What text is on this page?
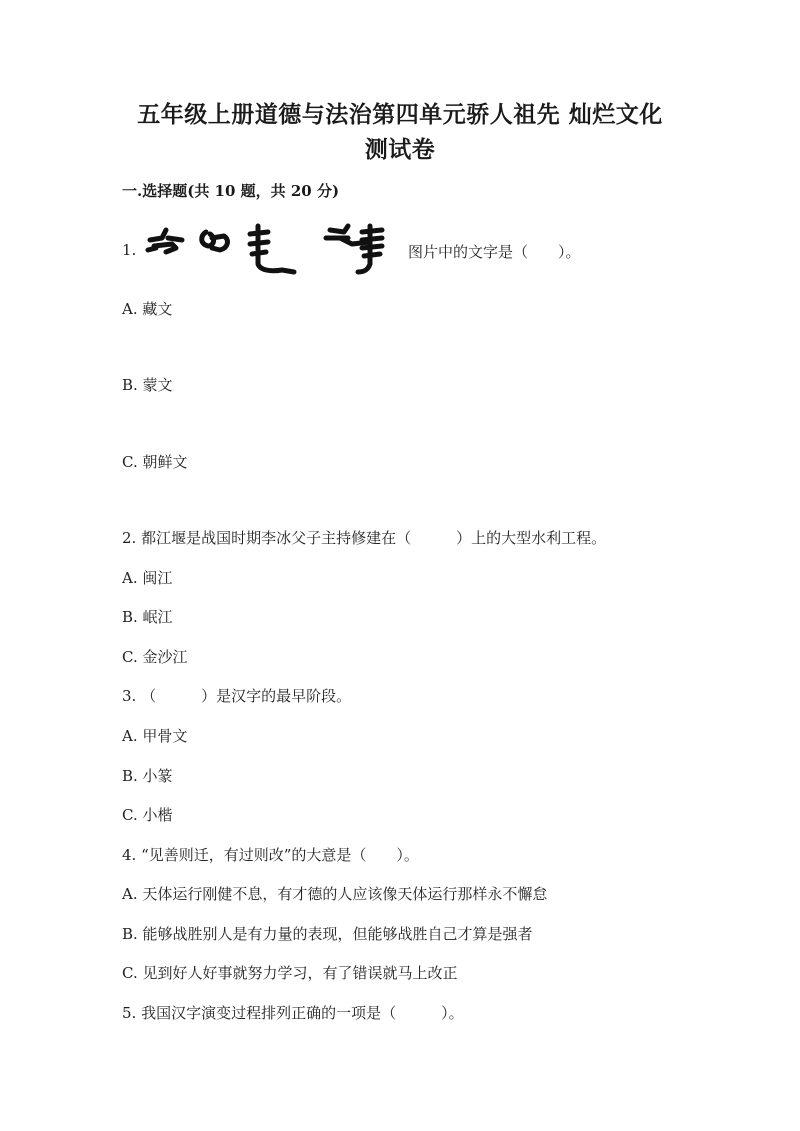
五年级上册道德与法治第四单元骄人祖先 灿烂文化
测试卷
一.选择题(共 10 题，共 20 分)
1.	图片中的文字是（　　）。
A. 藏文
B. 蒙文
C. 朝鲜文
2. 都江堰是战国时期李冰父子主持修建在（　　　）上的大型水利工程。
A. 闽江
B. 岷江
C. 金沙江
3. （　　　）是汉字的最早阶段。
A. 甲骨文
B. 小篆
C. 小楷
4. “见善则迁，有过则改”的大意是（　　）。
A. 天体运行刚健不息，有才德的人应该像天体运行那样永不懈怠
B. 能够战胜别人是有力量的表现，但能够战胜自己才算是强者
C. 见到好人好事就努力学习，有了错误就马上改正
5. 我国汉字演变过程排列正确的一项是（　　　）。
